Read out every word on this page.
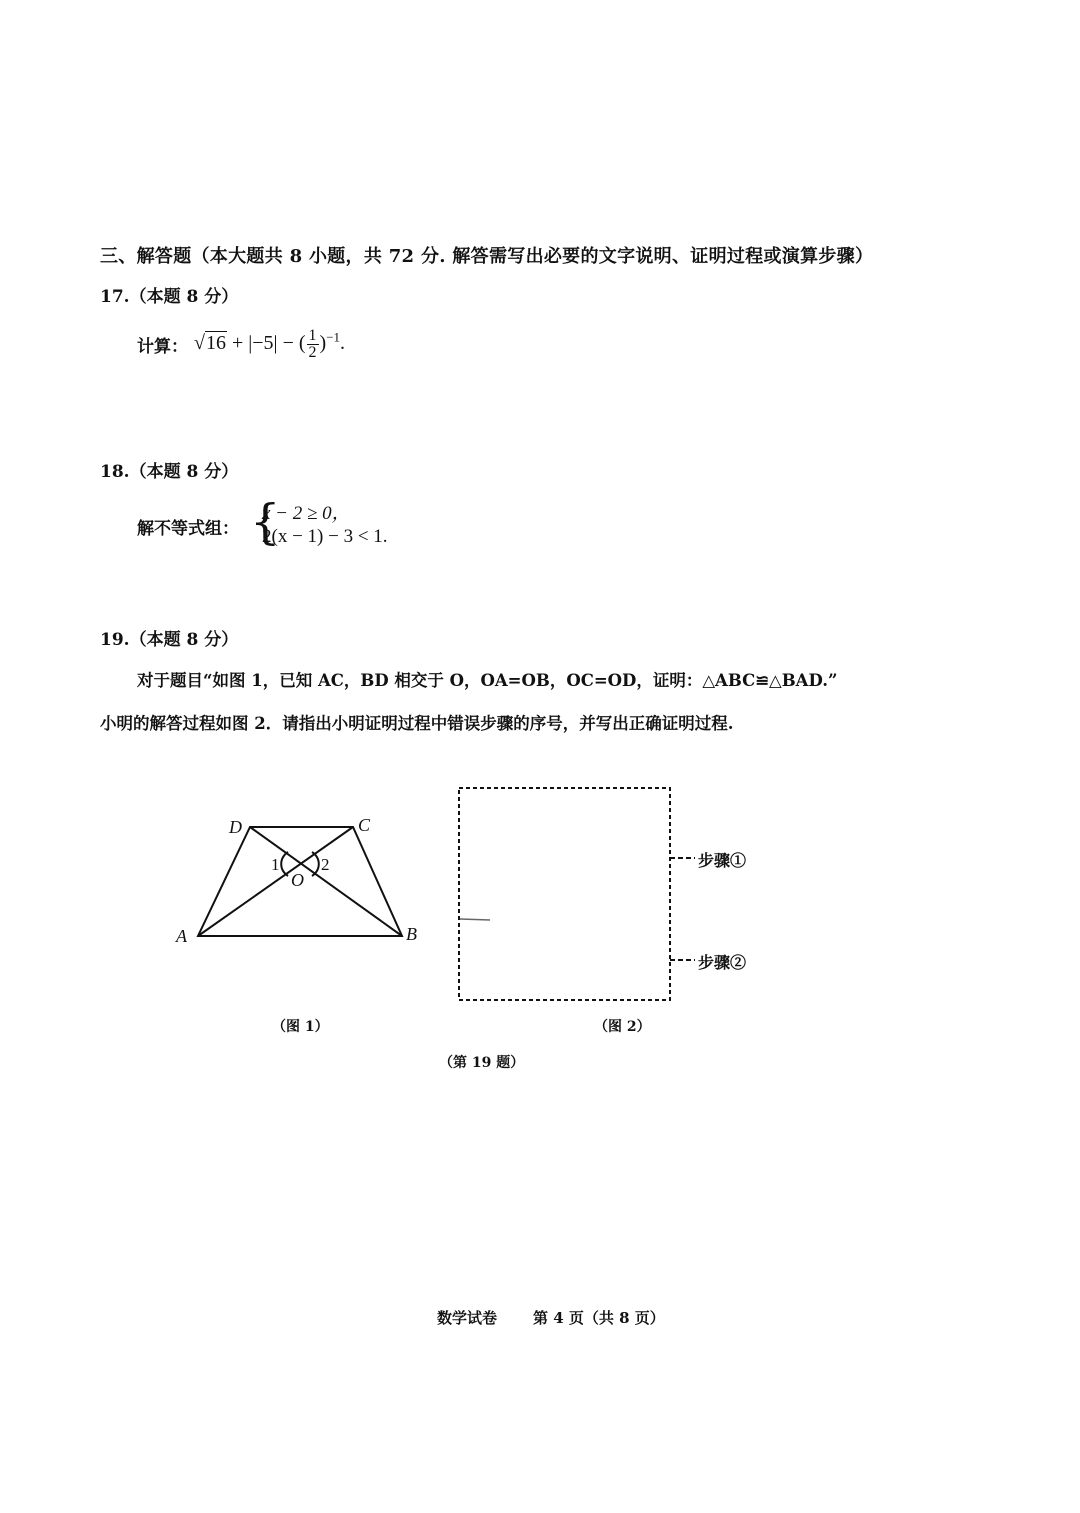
三、解答题（本大题共 8 小题，共 72 分. 解答需写出必要的文字说明、证明过程或演算步骤）
17.（本题 8 分）
计算： √16 + |−5| − ( $\frac{1}{2} )^{-1}$.
18.（本题 8 分）
解不等式组： {
x − 2 ≥ 0，
2(x − 1) − 3 < 1.
19.（本题 8 分）
对于题目“如图 1，已知 AC，BD 相交于 O，OA=OB，OC=OD，证明：△ABC≌△BAD.”
小明的解答过程如图 2．请指出小明证明过程中错误步骤的序号，并写出正确证明过程.
D	C
A	B
O
1 2
（图 1）
步骤①
步骤②
（图 2）
（第 19 题）
数学试卷 第 4 页（共 8 页）
